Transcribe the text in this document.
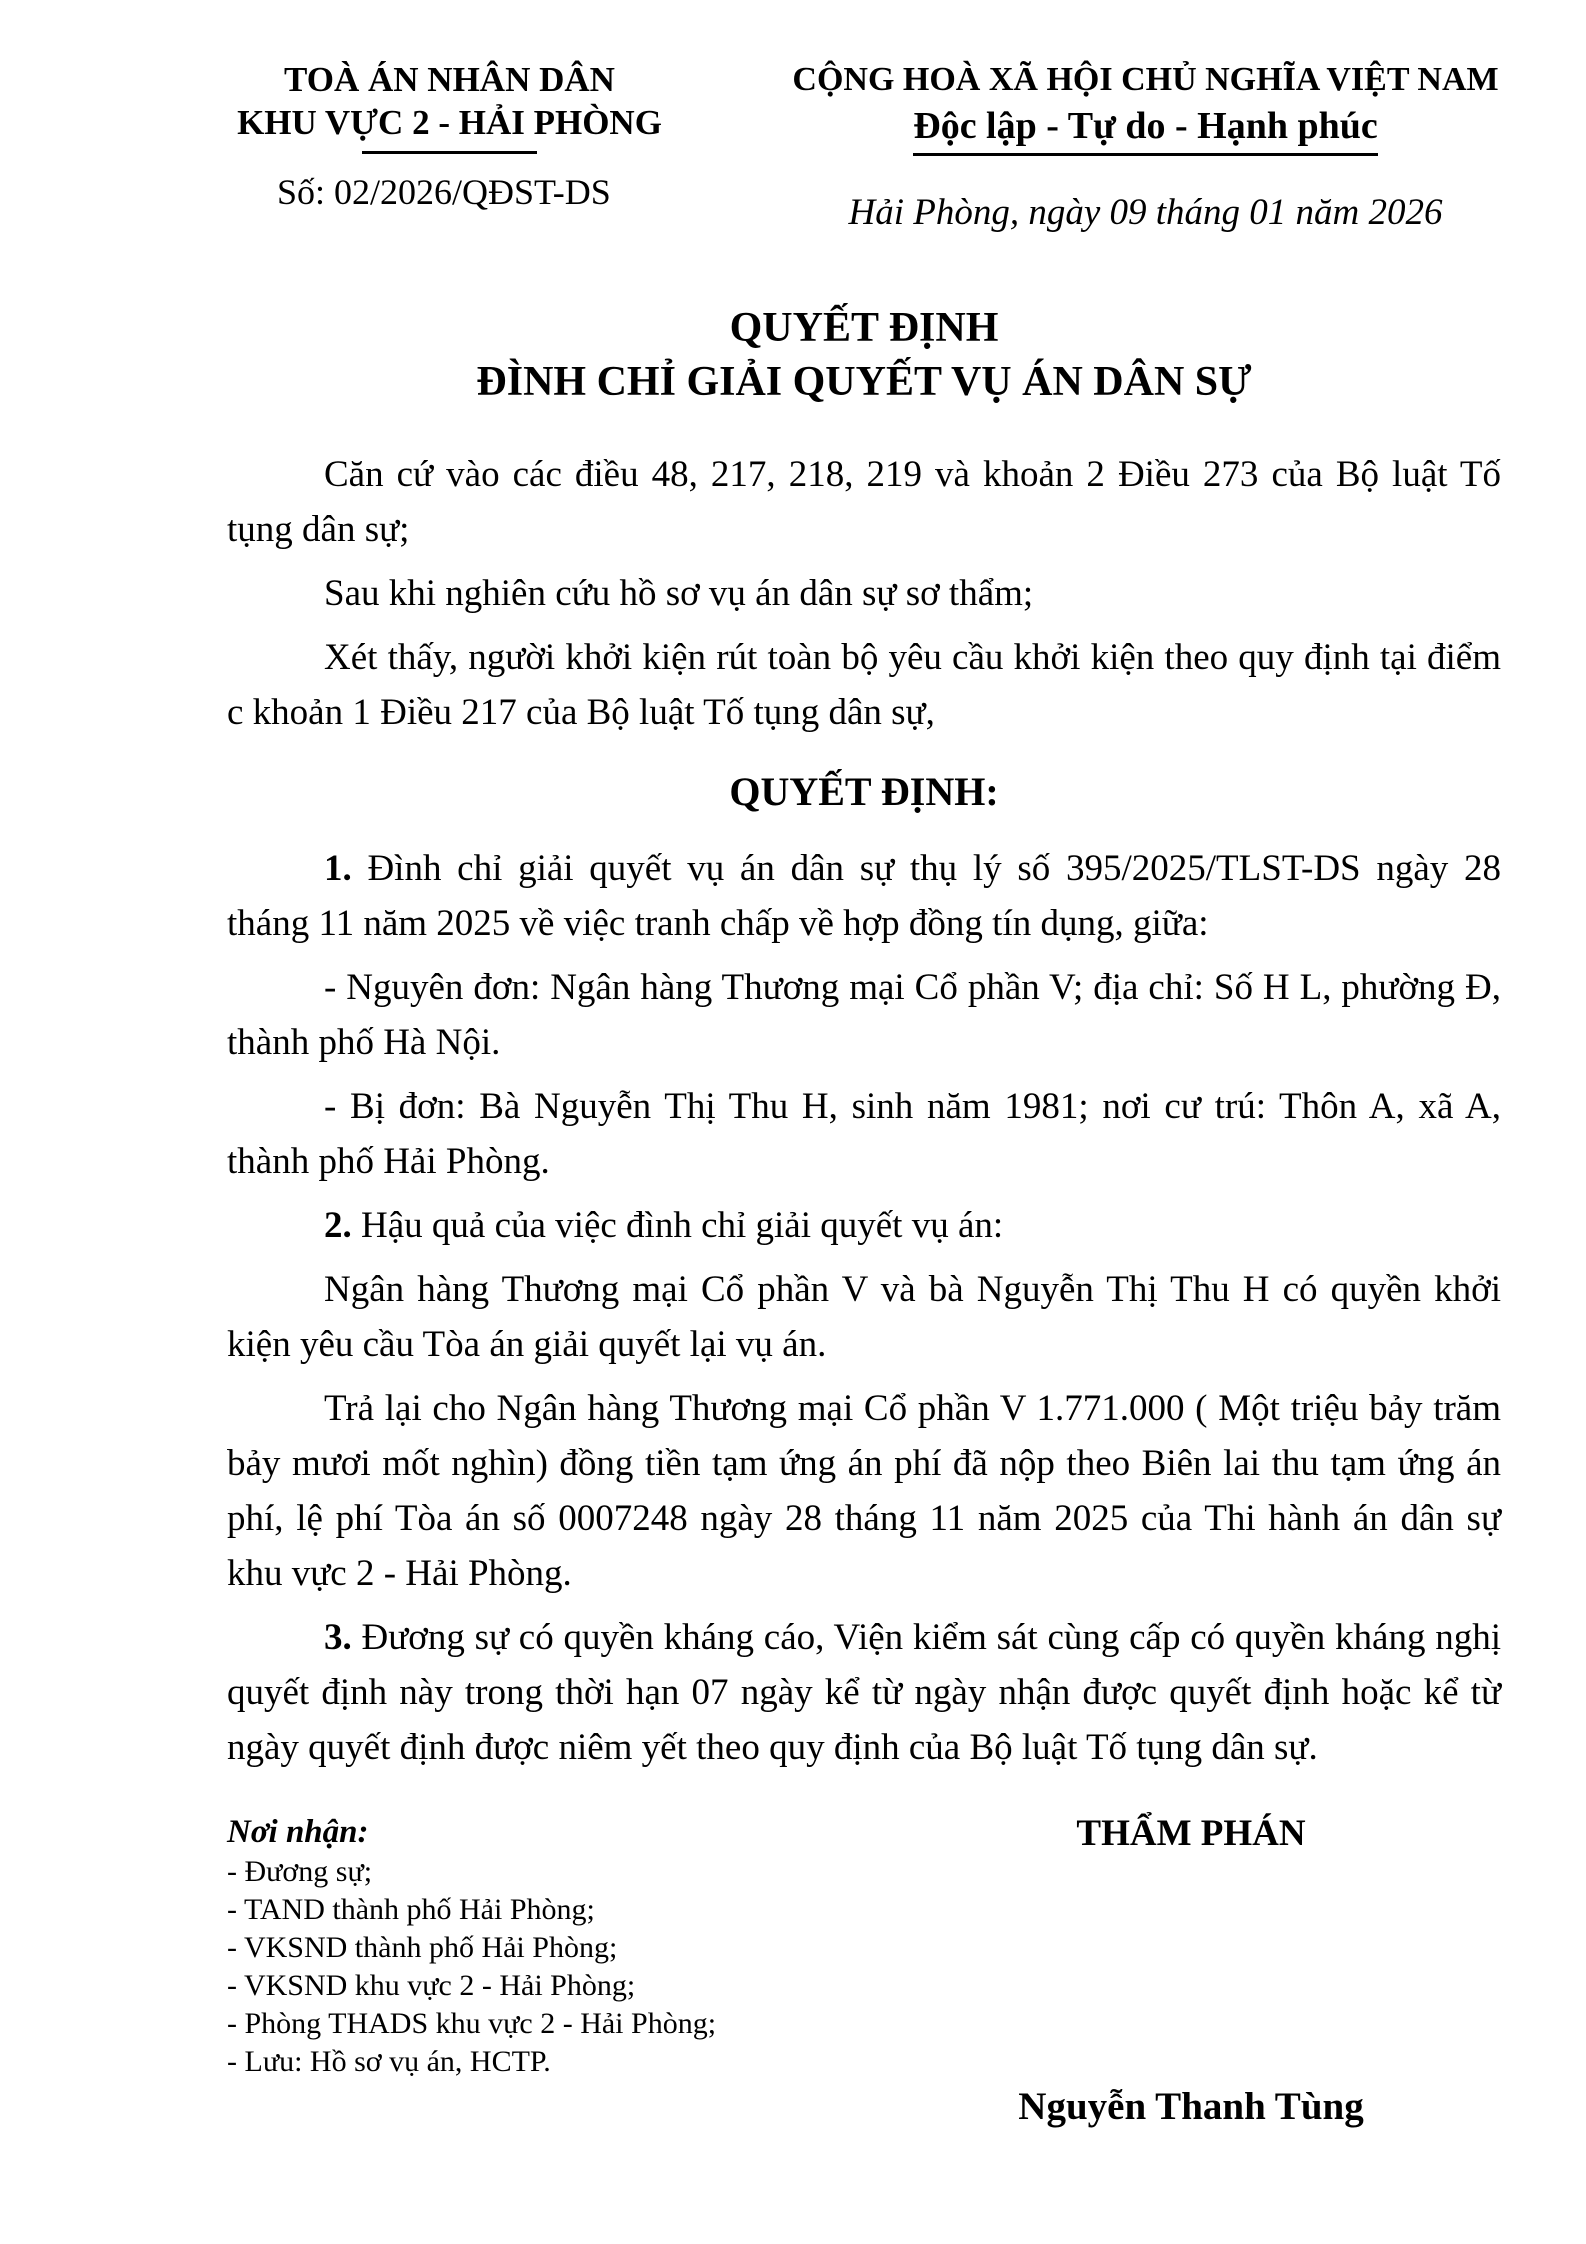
TOÀ ÁN NHÂN DÂN
KHU VỰC 2 - HẢI PHÒNG
Số: 02/2026/QĐST-DS
CỘNG HOÀ XÃ HỘI CHỦ NGHĨA VIỆT NAM
Độc lập - Tự do - Hạnh phúc
Hải Phòng, ngày 09 tháng 01 năm 2026
QUYẾT ĐỊNH
ĐÌNH CHỈ GIẢI QUYẾT VỤ ÁN DÂN SỰ

Căn cứ vào các điều 48, 217, 218, 219 và khoản 2 Điều 273 của Bộ luật Tố tụng dân sự;

Sau khi nghiên cứu hồ sơ vụ án dân sự sơ thẩm;

Xét thấy, người khởi kiện rút toàn bộ yêu cầu khởi kiện theo quy định tại điểm c khoản 1 Điều 217 của Bộ luật Tố tụng dân sự,

QUYẾT ĐỊNH:

1. Đình chỉ giải quyết vụ án dân sự thụ lý số 395/2025/TLST-DS ngày 28 tháng 11 năm 2025 về việc tranh chấp về hợp đồng tín dụng, giữa:

- Nguyên đơn: Ngân hàng Thương mại Cổ phần V; địa chỉ: Số H L, phường Đ, thành phố Hà Nội.

- Bị đơn: Bà Nguyễn Thị Thu H, sinh năm 1981; nơi cư trú: Thôn A, xã A, thành phố Hải Phòng.

2. Hậu quả của việc đình chỉ giải quyết vụ án:

Ngân hàng Thương mại Cổ phần V và bà Nguyễn Thị Thu H có quyền khởi kiện yêu cầu Tòa án giải quyết lại vụ án.

Trả lại cho Ngân hàng Thương mại Cổ phần V 1.771.000 ( Một triệu bảy trăm bảy mươi mốt nghìn) đồng tiền tạm ứng án phí đã nộp theo Biên lai thu tạm ứng án phí, lệ phí Tòa án số 0007248 ngày 28 tháng 11 năm 2025 của Thi hành án dân sự khu vực 2 - Hải Phòng.

3. Đương sự có quyền kháng cáo, Viện kiểm sát cùng cấp có quyền kháng nghị quyết định này trong thời hạn 07 ngày kể từ ngày nhận được quyết định hoặc kể từ ngày quyết định được niêm yết theo quy định của Bộ luật Tố tụng dân sự.

Nơi nhận:
- Đương sự;
- TAND thành phố Hải Phòng;
- VKSND thành phố Hải Phòng;
- VKSND khu vực 2 - Hải Phòng;
- Phòng THADS khu vực 2 - Hải Phòng;
- Lưu: Hồ sơ vụ án, HCTP.
THẨM PHÁN
Nguyễn Thanh Tùng
